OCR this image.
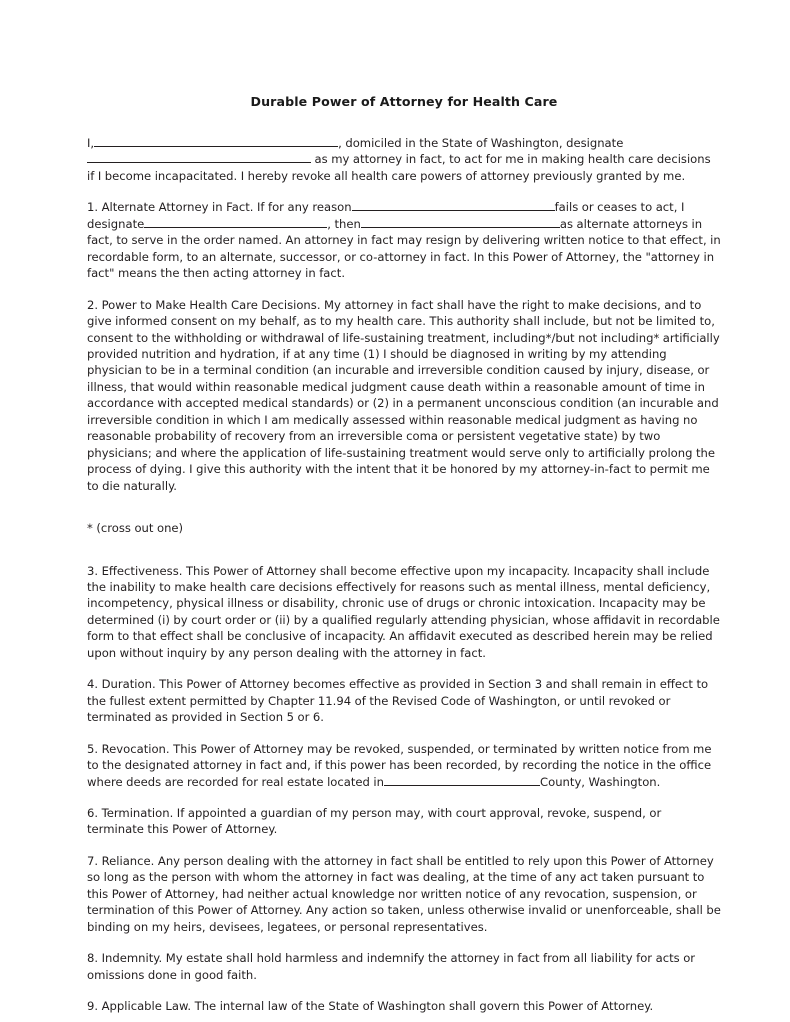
Durable Power of Attorney for Health Care

I,	, domiciled in the State of Washington, designate  as my attorney in fact, to act for me in making health care decisions if I become incapacitated. I hereby revoke all health care powers of attorney previously granted by me.

1. Alternate Attorney in Fact. If for any reason	fails or ceases to act, I designate	, then	as alternate attorneys in fact, to serve in the order named. An attorney in fact may resign by delivering written notice to that effect, in recordable form, to an alternate, successor, or co-attorney in fact. In this Power of Attorney, the "attorney in fact" means the then acting attorney in fact.

2. Power to Make Health Care Decisions. My attorney in fact shall have the right to make decisions, and to give informed consent on my behalf, as to my health care. This authority shall include, but not be limited to, consent to the withholding or withdrawal of life-sustaining treatment, including*/but not including* artificially provided nutrition and hydration, if at any time (1) I should be diagnosed in writing by my attending physician to be in a terminal condition (an incurable and irreversible condition caused by injury, disease, or illness, that would within reasonable medical judgment cause death within a reasonable amount of time in accordance with accepted medical standards) or (2) in a permanent unconscious condition (an incurable and irreversible condition in which I am medically assessed within reasonable medical judgment as having no reasonable probability of recovery from an irreversible coma or persistent vegetative state) by two physicians; and where the application of life-sustaining treatment would serve only to artificially prolong the process of dying. I give this authority with the intent that it be honored by my attorney-in-fact to permit me to die naturally.

* (cross out one)

3. Effectiveness. This Power of Attorney shall become effective upon my incapacity. Incapacity shall include the inability to make health care decisions effectively for reasons such as mental illness, mental deficiency, incompetency, physical illness or disability, chronic use of drugs or chronic intoxication. Incapacity may be determined (i) by court order or (ii) by a qualified regularly attending physician, whose affidavit in recordable form to that effect shall be conclusive of incapacity. An affidavit executed as described herein may be relied upon without inquiry by any person dealing with the attorney in fact.

4. Duration. This Power of Attorney becomes effective as provided in Section 3 and shall remain in effect to the fullest extent permitted by Chapter 11.94 of the Revised Code of Washington, or until revoked or terminated as provided in Section 5 or 6.

5. Revocation. This Power of Attorney may be revoked, suspended, or terminated by written notice from me to the designated attorney in fact and, if this power has been recorded, by recording the notice in the office where deeds are recorded for real estate located in	County, Washington.

6. Termination. If appointed a guardian of my person may, with court approval, revoke, suspend, or terminate this Power of Attorney.

7. Reliance. Any person dealing with the attorney in fact shall be entitled to rely upon this Power of Attorney so long as the person with whom the attorney in fact was dealing, at the time of any act taken pursuant to this Power of Attorney, had neither actual knowledge nor written notice of any revocation, suspension, or termination of this Power of Attorney. Any action so taken, unless otherwise invalid or unenforceable, shall be binding on my heirs, devisees, legatees, or personal representatives.

8. Indemnity. My estate shall hold harmless and indemnify the attorney in fact from all liability for acts or omissions done in good faith.

9. Applicable Law. The internal law of the State of Washington shall govern this Power of Attorney.
